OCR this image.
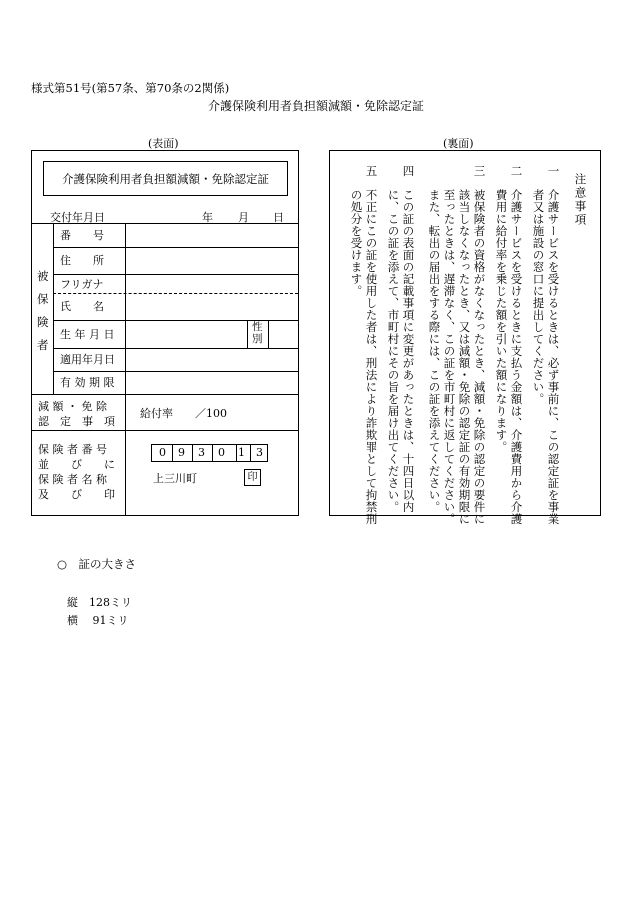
様式第51号(第57条、第70条の2関係)
介護保険利用者負担額減額・免除認定証
(表面)	(裏面)
介護保険利用者負担額減額・免除認定証
交付年月日	年 月 日
被保険者
番　　号
住　　所
フリガナ
氏　　名
生 年 月 日
性別
適用年月日
有 効 期 限
減 額 ・ 免 除
認　定　事　項
給付率　　／100
保 険 者 番 号
並　　び　　に
保 険 者 名 称
及　　び　　印
0	9	3	0	1	3
上三川町	印
注意事項
一　介護サービスを受けるときは、必ず事前に、この認定証を事業
　　者又は施設の窓口に提出してください。
二　介護サービスを受けるときに支払う金額は、介護費用から介護
　　費用に給付率を乗じた額を引いた額になります。
三　被保険者の資格がなくなったとき、減額・免除の認定の要件に
　　該当しなくなったとき、又は減額・免除の認定証の有効期限に
　　至ったときは、遅滞なく、この証を市町村に返してください。
　　また、転出の届出をする際には、この証を添えてください。
四　この証の表面の記載事項に変更があったときは、十四日以内
　　に、この証を添えて、市町村にその旨を届け出てください。
五　不正にこの証を使用した者は、刑法により詐欺罪として拘禁刑
　　の処分を受けます。
○　証の大きさ
縦　128ミリ
横　 91ミリ
